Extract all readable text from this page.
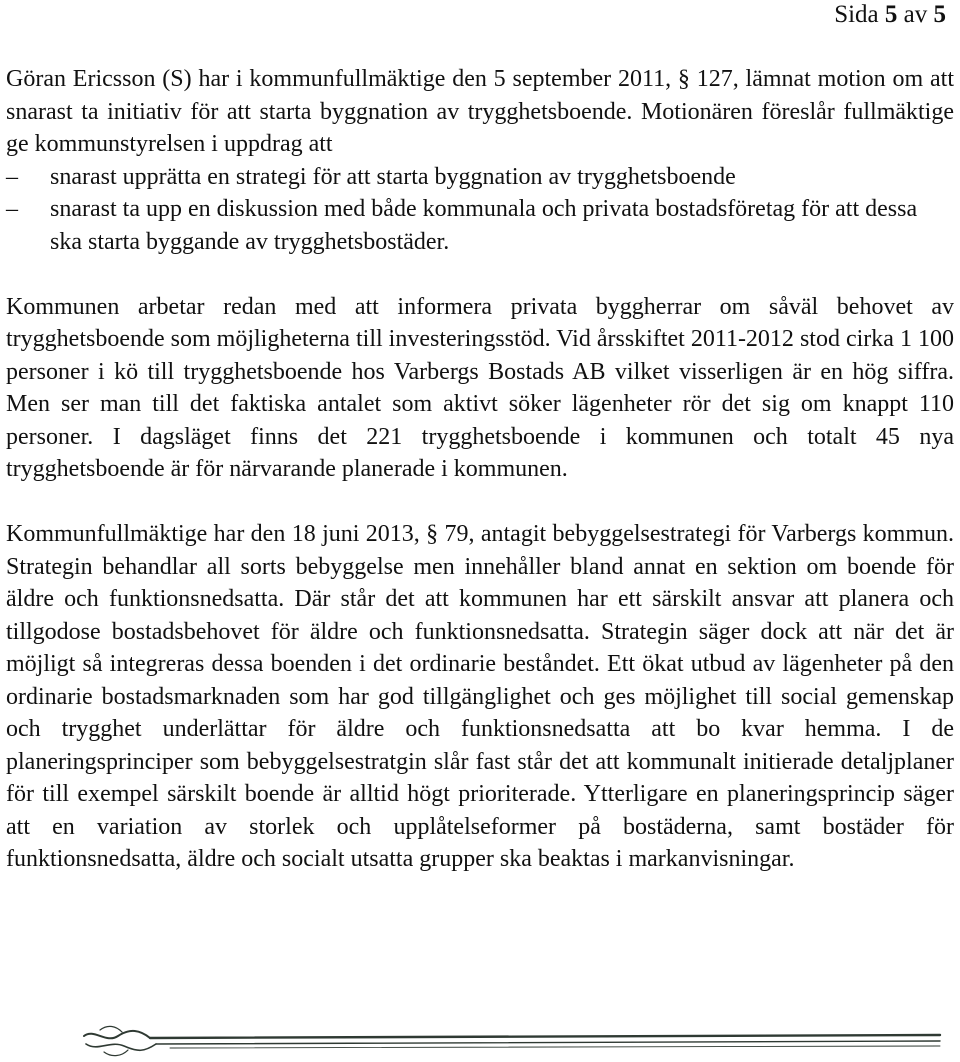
Sida 5 av 5

Göran Ericsson (S) har i kommunfullmäktige den 5 september 2011, § 127, lämnat motion om att snarast ta initiativ för att starta byggnation av trygghetsboende. Motionären föreslår fullmäktige ge kommunstyrelsen i uppdrag att

–	snarast upprätta en strategi för att starta byggnation av trygghetsboende
–	snarast ta upp en diskussion med både kommunala och privata bostadsföretag för att dessa ska starta byggande av trygghetsbostäder.

Kommunen arbetar redan med att informera privata byggherrar om såväl behovet av trygghetsboende som möjligheterna till investeringsstöd. Vid årsskiftet 2011-2012 stod cirka 1 100 personer i kö till trygghetsboende hos Varbergs Bostads AB vilket visserligen är en hög siffra. Men ser man till det faktiska antalet som aktivt söker lägenheter rör det sig om knappt 110 personer. I dagsläget finns det 221 trygghetsboende i kommunen och totalt 45 nya trygghetsboende är för närvarande planerade i kommunen.

Kommunfullmäktige har den 18 juni 2013, § 79, antagit bebyggelsestrategi för Varbergs kommun. Strategin behandlar all sorts bebyggelse men innehåller bland annat en sektion om boende för äldre och funktionsnedsatta. Där står det att kommunen har ett särskilt ansvar att planera och tillgodose bostadsbehovet för äldre och funktionsnedsatta. Strategin säger dock att när det är möjligt så integreras dessa boenden i det ordinarie beståndet. Ett ökat utbud av lägenheter på den ordinarie bostadsmarknaden som har god tillgänglighet och ges möjlighet till social gemenskap och trygghet underlättar för äldre och funktionsnedsatta att bo kvar hemma. I de planeringsprinciper som bebyggelsestratgin slår fast står det att kommunalt initierade detaljplaner för till exempel särskilt boende är alltid högt prioriterade. Ytterligare en planeringsprincip säger att en variation av storlek och upplåtelseformer på bostäderna, samt bostäder för funktionsnedsatta, äldre och socialt utsatta grupper ska beaktas i markanvisningar.
